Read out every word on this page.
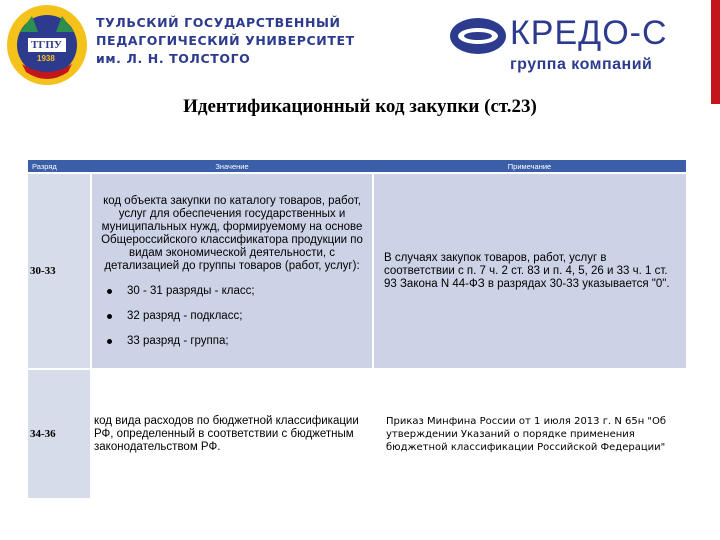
ТГПУ
1938
ТУЛЬСКИЙ ГОСУДАРСТВЕННЫЙ
ПЕДАГОГИЧЕСКИЙ УНИВЕРСИТЕТ
им. Л. Н. ТОЛСТОГО
КРЕДО-С
группа компаний
Идентификационный код закупки (ст.23)
Разряд	Значение	Примечание
30-33	код объекта закупки по каталогу товаров, работ, услуг для обеспечения государственных и муниципальных нужд, формируемому на основе Общероссийского классификатора продукции по видам экономической деятельности, с детализацией до группы товаров (работ, услуг):
30 - 31 разряды - класс;
32 разряд - подкласс;
33 разряд - группа;	В случаях закупок товаров, работ, услуг в соответствии с п. 7 ч. 2 ст. 83 и п. 4, 5, 26 и 33 ч. 1 ст. 93 Закона N 44-ФЗ в разрядах 30-33 указывается "0".
34-36	код вида расходов по бюджетной классификации РФ, определенный в соответствии с бюджетным законодательством РФ.	Приказ Минфина России от 1 июля 2013 г. N 65н "Об утверждении Указаний о порядке применения бюджетной классификации Российской Федерации"
